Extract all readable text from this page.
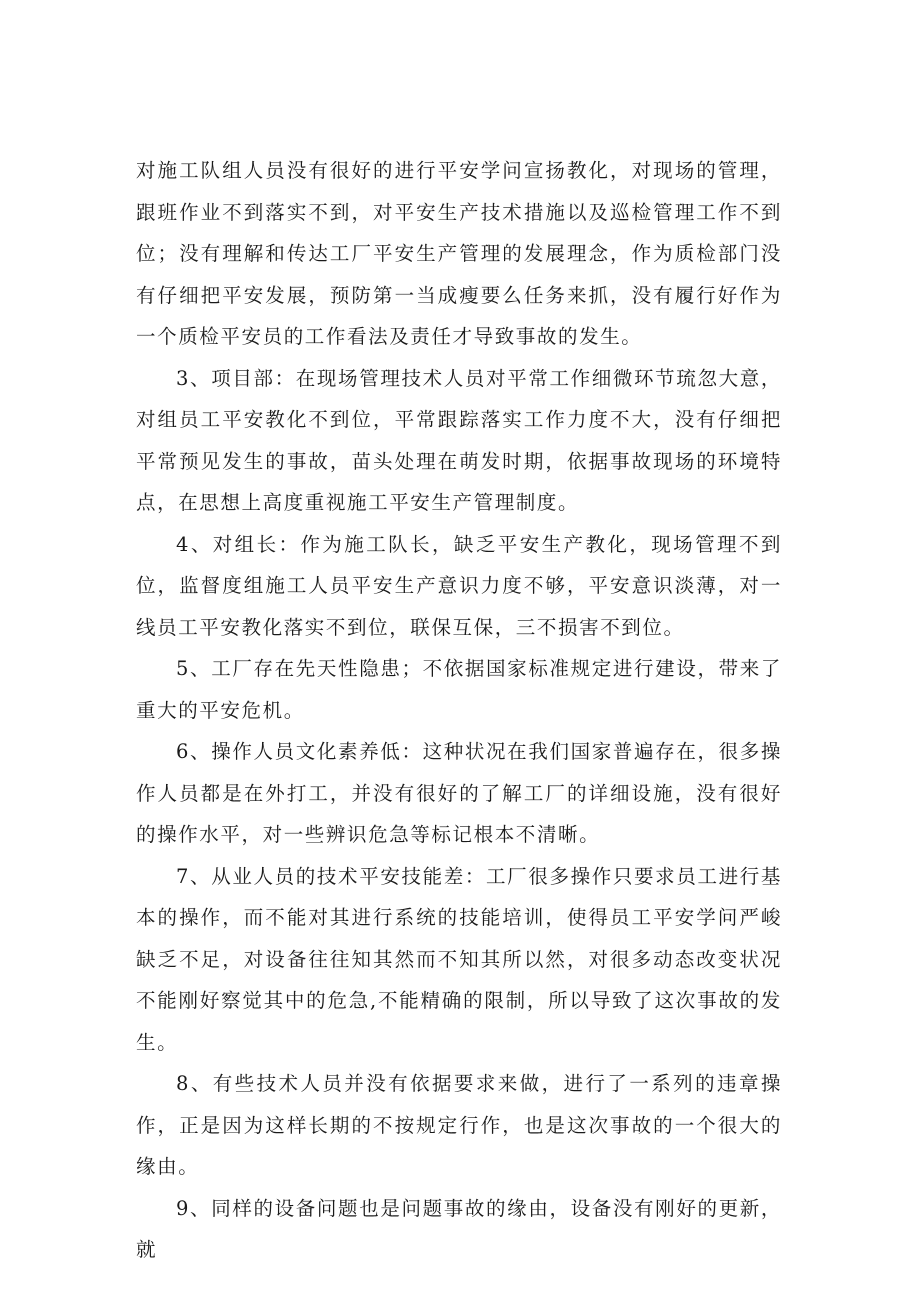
对施工队组人员没有很好的进行平安学问宣扬教化，对现场的管理，跟班作业不到落实不到，对平安生产技术措施以及巡检管理工作不到位；没有理解和传达工厂平安生产管理的发展理念，作为质检部门没有仔细把平安发展，预防第一当成瘦要么任务来抓，没有履行好作为一个质检平安员的工作看法及责任才导致事故的发生。

3、项目部：在现场管理技术人员对平常工作细微环节琉忽大意，对组员工平安教化不到位，平常跟踪落实工作力度不大，没有仔细把平常预见发生的事故，苗头处理在萌发时期，依据事故现场的环境特点，在思想上高度重视施工平安生产管理制度。

4、对组长：作为施工队长，缺乏平安生产教化，现场管理不到位，监督度组施工人员平安生产意识力度不够，平安意识淡薄，对一线员工平安教化落实不到位，联保互保，三不损害不到位。

5、工厂存在先天性隐患；不依据国家标准规定进行建设，带来了重大的平安危机。

6、操作人员文化素养低：这种状况在我们国家普遍存在，很多操作人员都是在外打工，并没有很好的了解工厂的详细设施，没有很好的操作水平，对一些辨识危急等标记根本不清晰。

7、从业人员的技术平安技能差：工厂很多操作只要求员工进行基本的操作，而不能对其进行系统的技能培训，使得员工平安学问严峻缺乏不足，对设备往往知其然而不知其所以然，对很多动态改变状况不能刚好察觉其中的危急,不能精确的限制，所以导致了这次事故的发生。

8、有些技术人员并没有依据要求来做，进行了一系列的违章操作，正是因为这样长期的不按规定行作，也是这次事故的一个很大的缘由。

9、同样的设备问题也是问题事故的缘由，设备没有刚好的更新，就
